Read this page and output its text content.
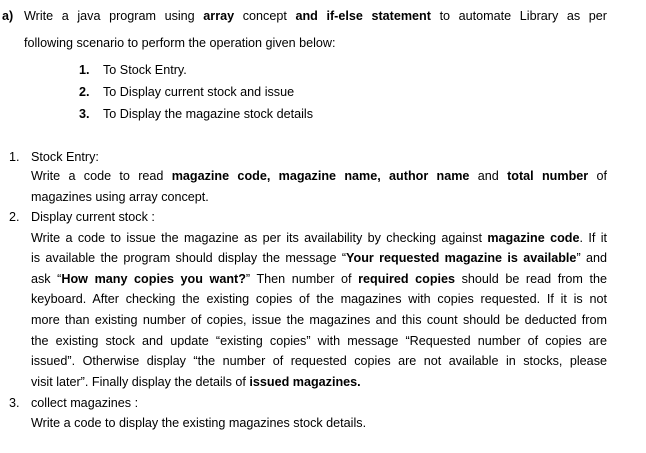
a) Write a java program using array concept and if-else statement to automate Library as per
following scenario to perform the operation given below:
1. To Stock Entry.
2. To Display current stock and issue
3. To Display the magazine stock details
1. Stock Entry:
Write a code to read magazine code, magazine name, author name and total number of
magazines using array concept.
2. Display current stock :
Write a code to issue the magazine as per its availability by checking against magazine code. If it
is available the program should display the message “Your requested magazine is available” and
ask “How many copies you want?” Then number of required copies should be read from the
keyboard. After checking the existing copies of the magazines with copies requested. If it is not
more than existing number of copies, issue the magazines and this count should be deducted from
the existing stock and update “existing copies” with message “Requested number of copies are
issued”. Otherwise display “the number of requested copies are not available in stocks, please
visit later”. Finally display the details of issued magazines.
3. collect magazines :
Write a code to display the existing magazines stock details.
